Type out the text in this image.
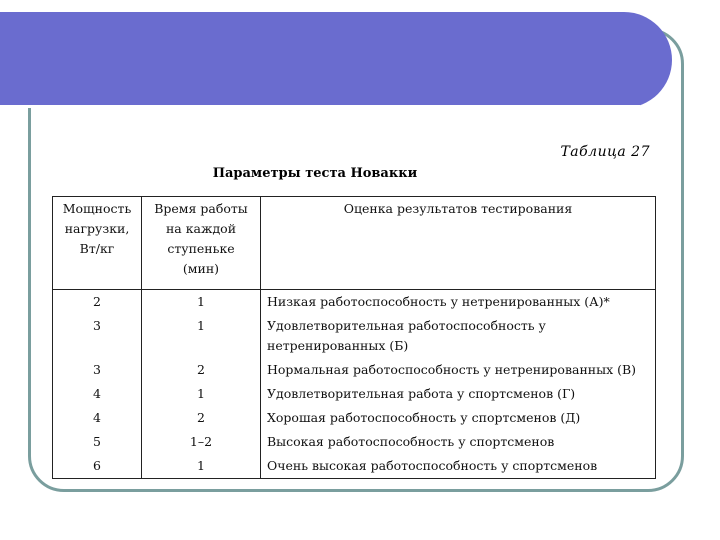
Таблица 27
Параметры теста Новакки
Мощность нагрузки, Вт/кг	Время работы на каждой ступеньке (мин)	Оценка результатов тестирования
2	1	Низкая работоспособность у нетренированных (А)*
3	1	Удовлетворительная работоспособность у нетренированных (Б)
3	2	Нормальная работоспособность у нетренированных (В)
4	1	Удовлетворительная работа у спортсменов (Г)
4	2	Хорошая работоспособность у спортсменов (Д)
5	1–2	Высокая работоспособность у спортсменов
6	1	Очень высокая работоспособность у спортсменов
